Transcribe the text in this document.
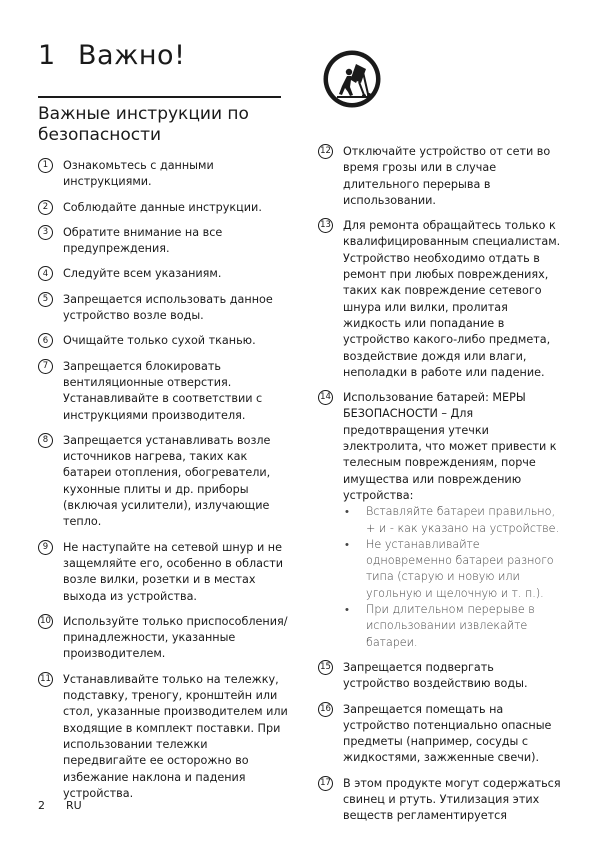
1 Важно!
Важные инструкции по безопасности
1	Ознакомьтесь с данными инструкциями.
2	Соблюдайте данные инструкции.
3	Обратите внимание на все предупреждения.
4	Следуйте всем указаниям.
5	Запрещается использовать данное устройство возле воды.
6	Очищайте только сухой тканью.
7	Запрещается блокировать вентиляционные отверстия. Устанавливайте в соответствии с инструкциями производителя.
8	Запрещается устанавливать возле источников нагрева, таких как батареи отопления, обогреватели, кухонные плиты и др. приборы (включая усилители), излучающие тепло.
9	Не наступайте на сетевой шнур и не защемляйте его, особенно в области возле вилки, розетки и в местах выхода из устройства.
10 Используйте только приспособления/принадлежности, указанные производителем.
11 Устанавливайте только на тележку, подставку, треногу, кронштейн или стол, указанные производителем или входящие в комплект поставки. При использовании тележки передвигайте ее осторожно во избежание наклона и падения устройства.
12 Отключайте устройство от сети во время грозы или в случае длительного перерыва в использовании.
13 Для ремонта обращайтесь только к квалифицированным специалистам. Устройство необходимо отдать в ремонт при любых повреждениях, таких как повреждение сетевого шнура или вилки, пролитая жидкость или попадание в устройство какого-либо предмета, воздействие дождя или влаги, неполадки в работе или падение.
14 Использование батарей: МЕРЫ БЕЗОПАСНОСТИ – Для предотвращения утечки электролита, что может привести к телесным повреждениям, порче имущества или повреждению устройства:
• Вставляйте батареи правильно, + и - как указано на устройстве.
• Не устанавливайте одновременно батареи разного типа (старую и новую или угольную и щелочную и т. п.).
• При длительном перерыве в использовании извлекайте батареи.
15 Запрещается подвергать устройство воздействию воды.
16 Запрещается помещать на устройство потенциально опасные предметы (например, сосуды с жидкостями, зажженные свечи).
17 В этом продукте могут содержаться свинец и ртуть. Утилизация этих веществ регламентируется
2 RU
